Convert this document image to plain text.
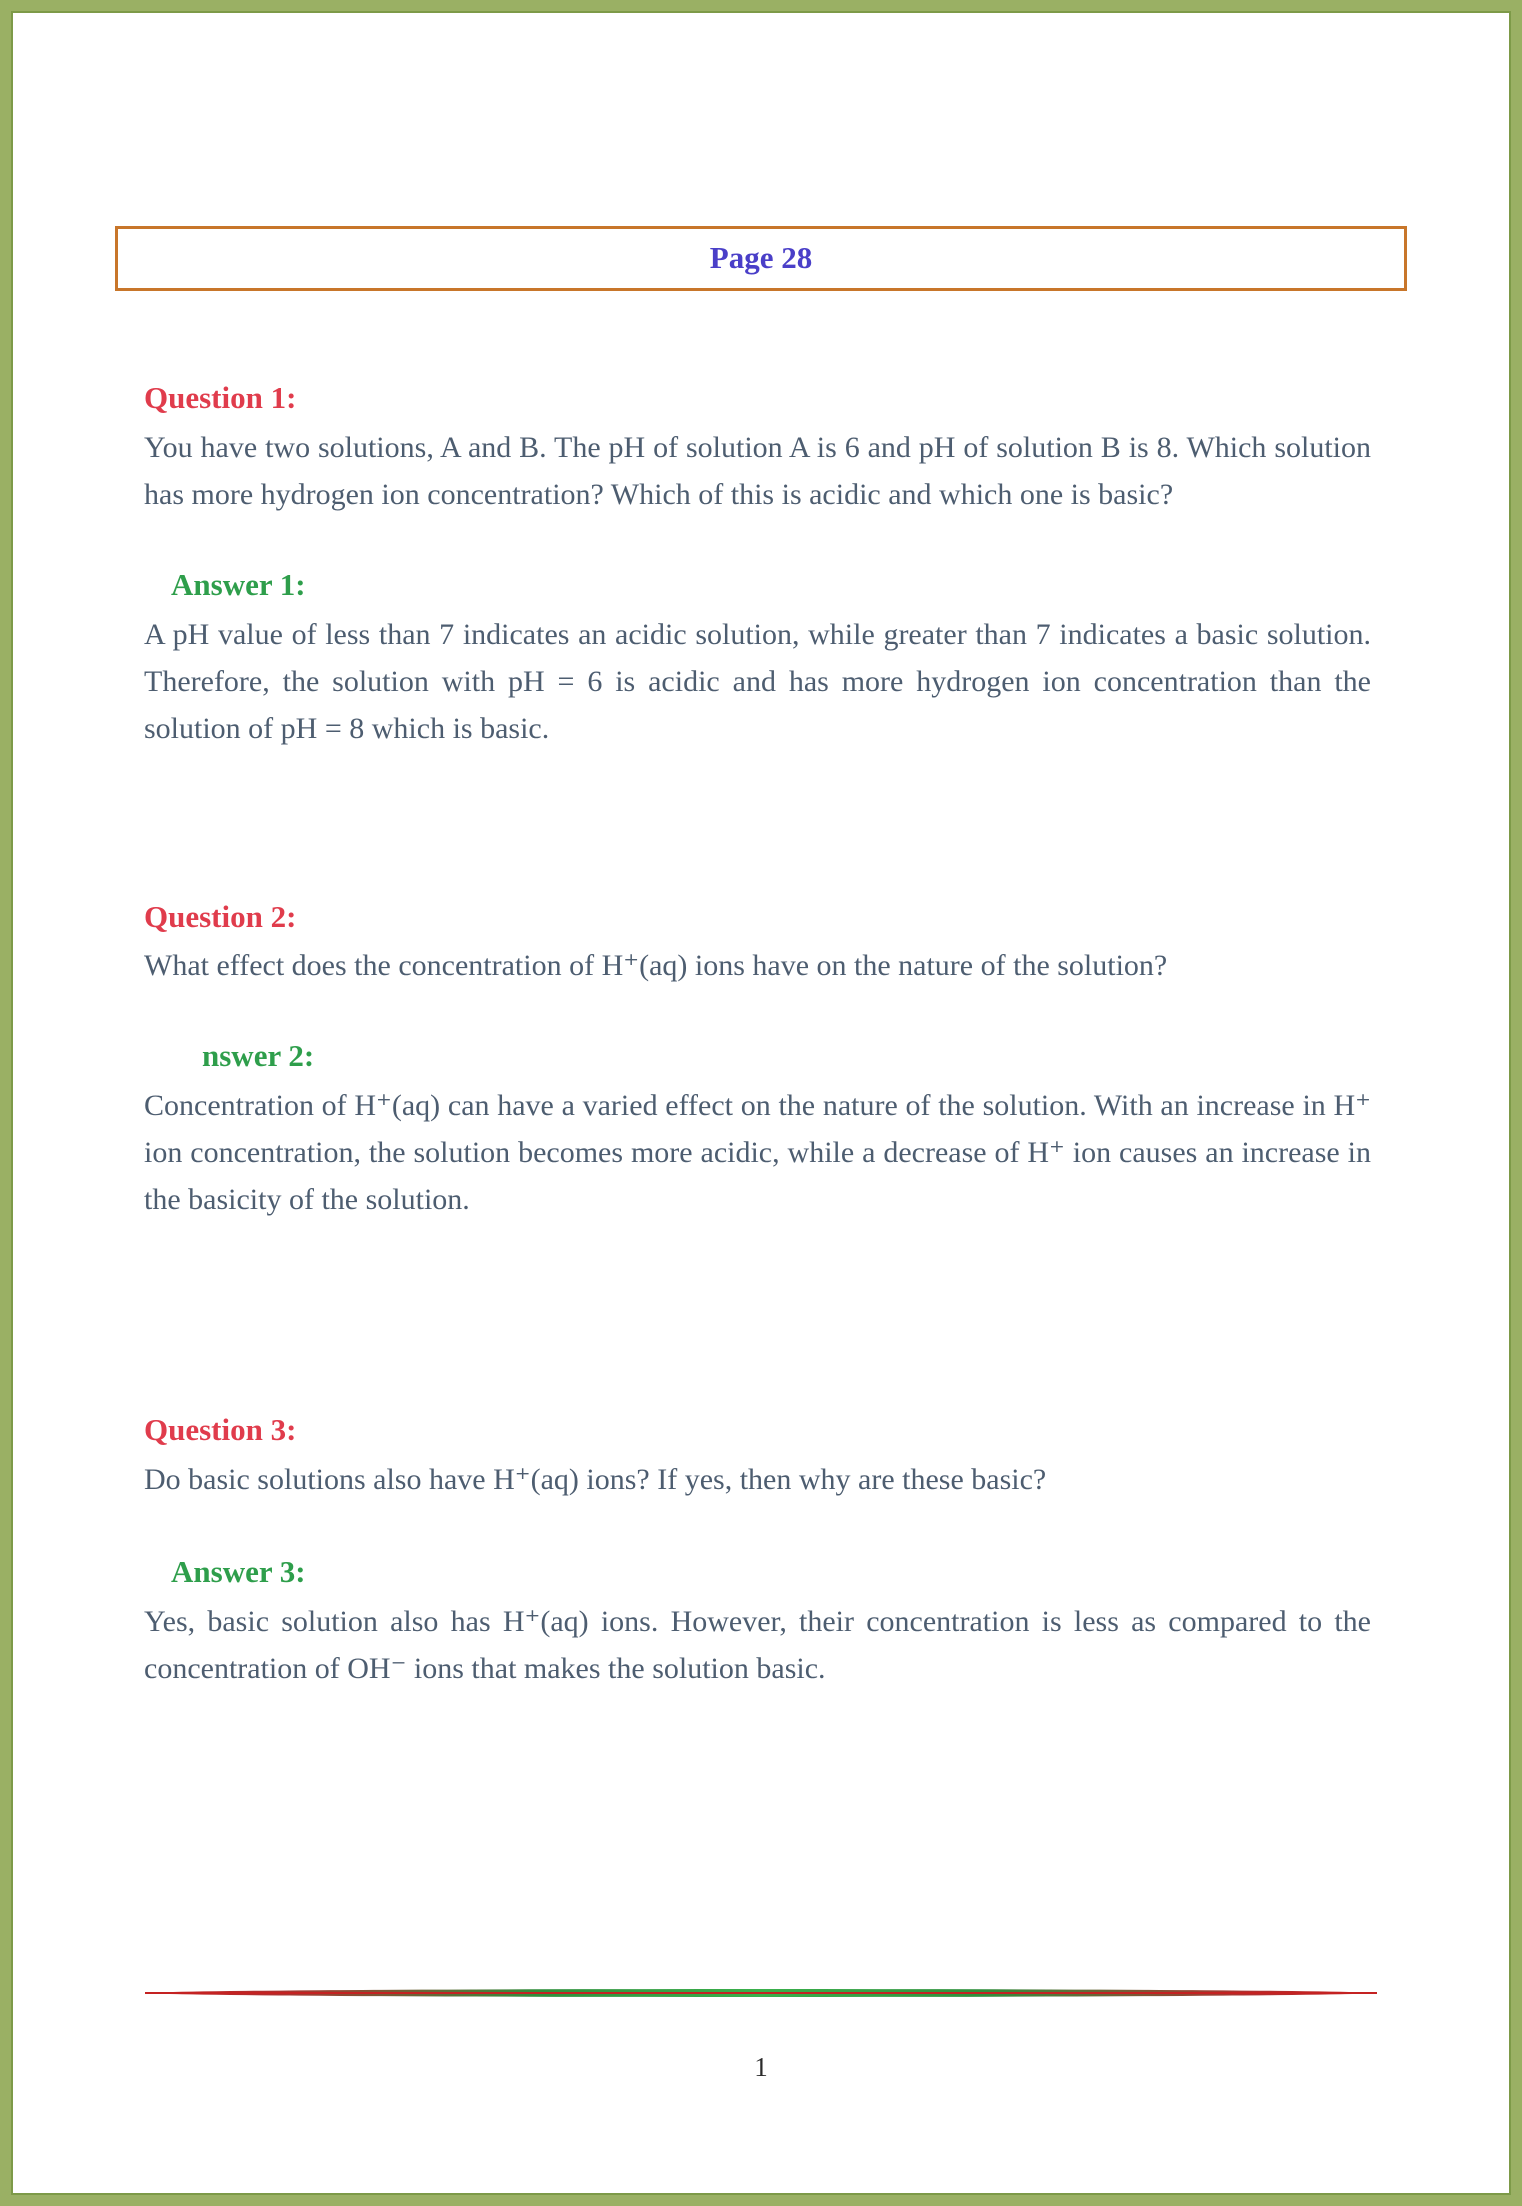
Page 28
Question 1:

You have two solutions, A and B. The pH of solution A is 6 and pH of solution B is 8. Which solution has more hydrogen ion concentration? Which of this is acidic and which one is basic?

Answer 1:

A pH value of less than 7 indicates an acidic solution, while greater than 7 indicates a basic solution. Therefore, the solution with pH = 6 is acidic and has more hydrogen ion concentration than the solution of pH = 8 which is basic.

Question 2:

What effect does the concentration of H⁺(aq) ions have on the nature of the solution?

nswer 2:

Concentration of H⁺(aq) can have a varied effect on the nature of the solution. With an increase in H⁺ ion concentration, the solution becomes more acidic, while a decrease of H⁺ ion causes an increase in the basicity of the solution.

Question 3:

Do basic solutions also have H⁺(aq) ions? If yes, then why are these basic?

Answer 3:

Yes, basic solution also has H⁺(aq) ions. However, their concentration is less as compared to the concentration of OH⁻ ions that makes the solution basic.

1
